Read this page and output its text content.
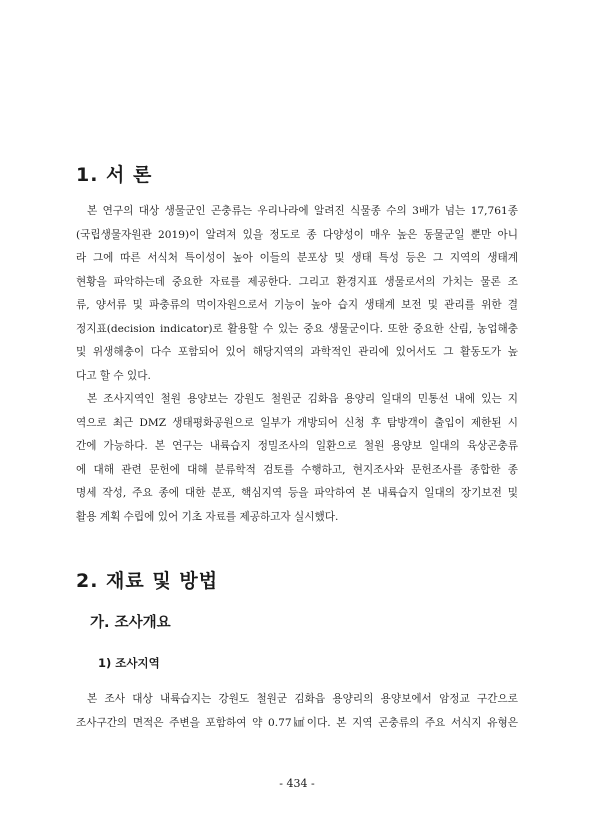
1. 서 론
본 연구의 대상 생물군인 곤충류는 우리나라에 알려진 식물종 수의 3배가 넘는 17,761종
(국립생물자원관 2019)이 알려져 있을 정도로 종 다양성이 매우 높은 동물군일 뿐만 아니
라 그에 따른 서식처 특이성이 높아 이들의 분포상 및 생태 특성 등은 그 지역의 생태계
현황을 파악하는데 중요한 자료를 제공한다. 그리고 환경지표 생물로서의 가치는 물론 조
류, 양서류 및 파충류의 먹이자원으로서 기능이 높아 습지 생태계 보전 및 관리를 위한 결
정지표(decision indicator)로 활용할 수 있는 중요 생물군이다. 또한 중요한 산림, 농업해충
및 위생해충이 다수 포함되어 있어 해당지역의 과학적인 관리에 있어서도 그 활동도가 높
다고 할 수 있다.
본 조사지역인 철원 용양보는 강원도 철원군 김화읍 용양리 일대의 민통선 내에 있는 지
역으로 최근 DMZ 생태평화공원으로 일부가 개방되어 신청 후 탐방객이 출입이 제한된 시
간에 가능하다. 본 연구는 내륙습지 정밀조사의 일환으로 철원 용양보 일대의 육상곤충류
에 대해 관련 문헌에 대해 분류학적 검토를 수행하고, 현지조사와 문헌조사를 종합한 종
명세 작성, 주요 종에 대한 분포, 핵심지역 등을 파악하여 본 내륙습지 일대의 장기보전 및
활용 계획 수립에 있어 기초 자료를 제공하고자 실시했다.
2. 재료 및 방법
가. 조사개요
1) 조사지역
본 조사 대상 내륙습지는 강원도 철원군 김화읍 용양리의 용양보에서 암정교 구간으로
조사구간의 면적은 주변을 포함하여 약 0.77㎢이다. 본 지역 곤충류의 주요 서식지 유형은
- 434 -
